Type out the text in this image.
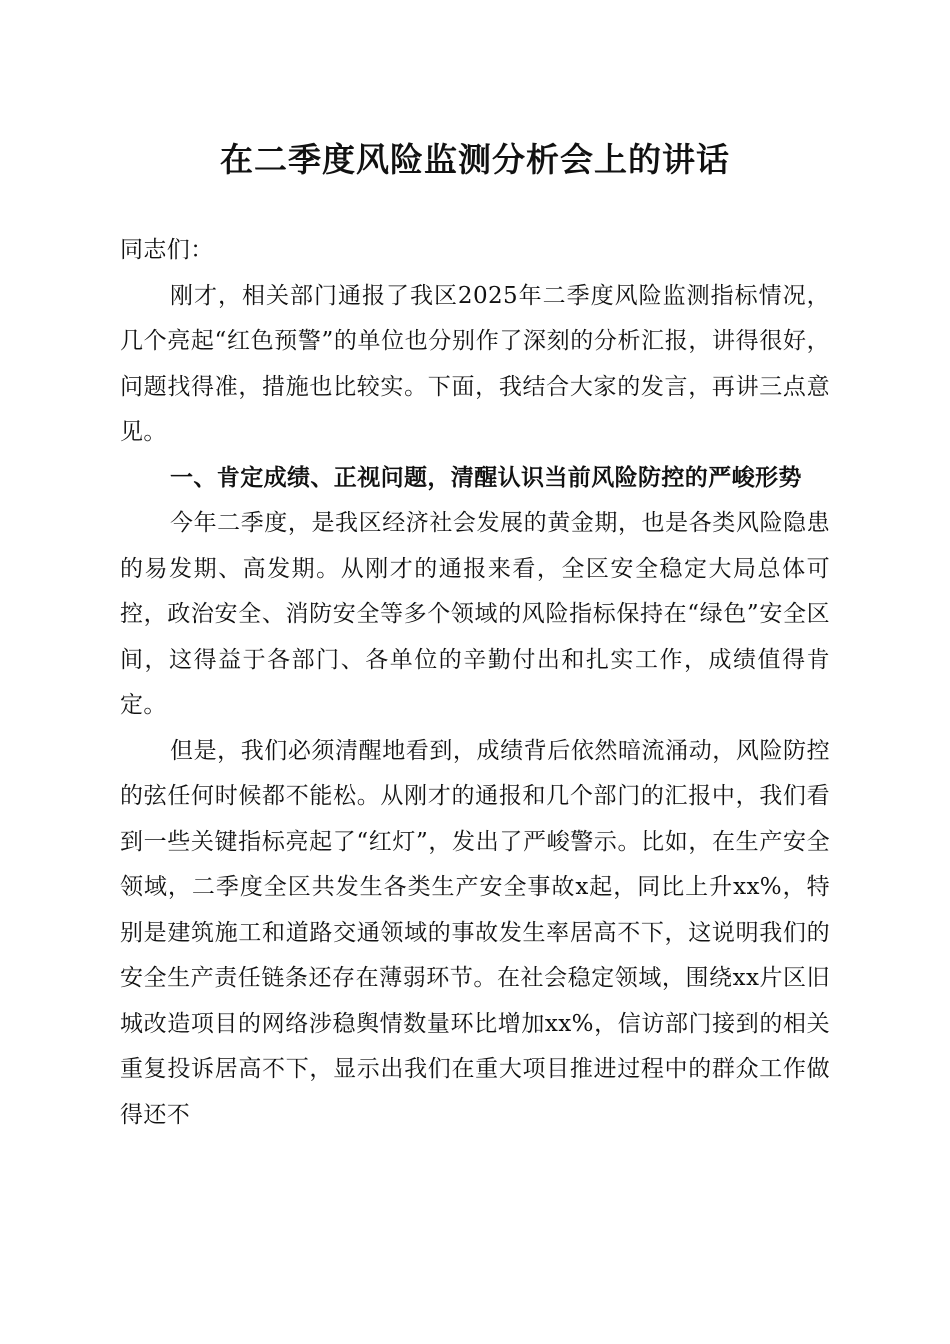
在二季度风险监测分析会上的讲话

同志们：

刚才，相关部门通报了我区2025年二季度风险监测指标情况，几个亮起“红色预警”的单位也分别作了深刻的分析汇报，讲得很好，问题找得准，措施也比较实。下面，我结合大家的发言，再讲三点意见。

一、肯定成绩、正视问题，清醒认识当前风险防控的严峻形势

今年二季度，是我区经济社会发展的黄金期，也是各类风险隐患的易发期、高发期。从刚才的通报来看，全区安全稳定大局总体可控，政治安全、消防安全等多个领域的风险指标保持在“绿色”安全区间，这得益于各部门、各单位的辛勤付出和扎实工作，成绩值得肯定。

但是，我们必须清醒地看到，成绩背后依然暗流涌动，风险防控的弦任何时候都不能松。从刚才的通报和几个部门的汇报中，我们看到一些关键指标亮起了“红灯”，发出了严峻警示。比如，在生产安全领域，二季度全区共发生各类生产安全事故x起，同比上升xx%，特别是建筑施工和道路交通领域的事故发生率居高不下，这说明我们的安全生产责任链条还存在薄弱环节。在社会稳定领域，围绕xx片区旧城改造项目的网络涉稳舆情数量环比增加xx%，信访部门接到的相关重复投诉居高不下，显示出我们在重大项目推进过程中的群众工作做得还不
